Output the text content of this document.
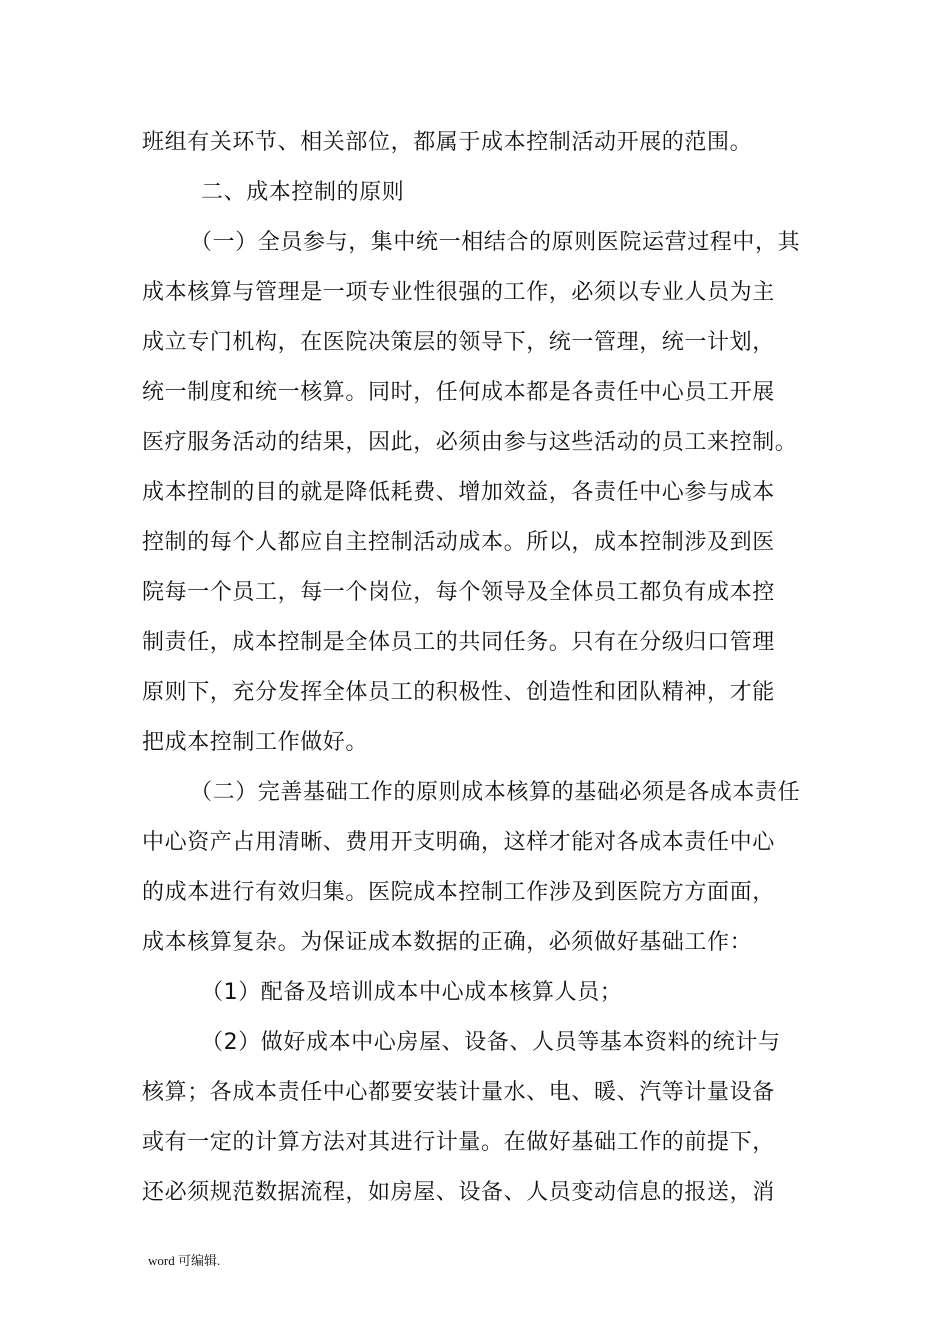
班组有关环节、相关部位，都属于成本控制活动开展的范围。
二、成本控制的原则
（一）全员参与，集中统一相结合的原则医院运营过程中，其
成本核算与管理是一项专业性很强的工作，必须以专业人员为主
成立专门机构，在医院决策层的领导下，统一管理，统一计划，
统一制度和统一核算。同时，任何成本都是各责任中心员工开展
医疗服务活动的结果，因此，必须由参与这些活动的员工来控制。
成本控制的目的就是降低耗费、增加效益，各责任中心参与成本
控制的每个人都应自主控制活动成本。所以，成本控制涉及到医
院每一个员工，每一个岗位，每个领导及全体员工都负有成本控
制责任，成本控制是全体员工的共同任务。只有在分级归口管理
原则下，充分发挥全体员工的积极性、创造性和团队精神，才能
把成本控制工作做好。
（二）完善基础工作的原则成本核算的基础必须是各成本责任
中心资产占用清晰、费用开支明确，这样才能对各成本责任中心
的成本进行有效归集。医院成本控制工作涉及到医院方方面面，
成本核算复杂。为保证成本数据的正确，必须做好基础工作：
（1）配备及培训成本中心成本核算人员；
（2）做好成本中心房屋、设备、人员等基本资料的统计与
核算；各成本责任中心都要安装计量水、电、暖、汽等计量设备
或有一定的计算方法对其进行计量。在做好基础工作的前提下，
还必须规范数据流程，如房屋、设备、人员变动信息的报送，消
word 可编辑.
